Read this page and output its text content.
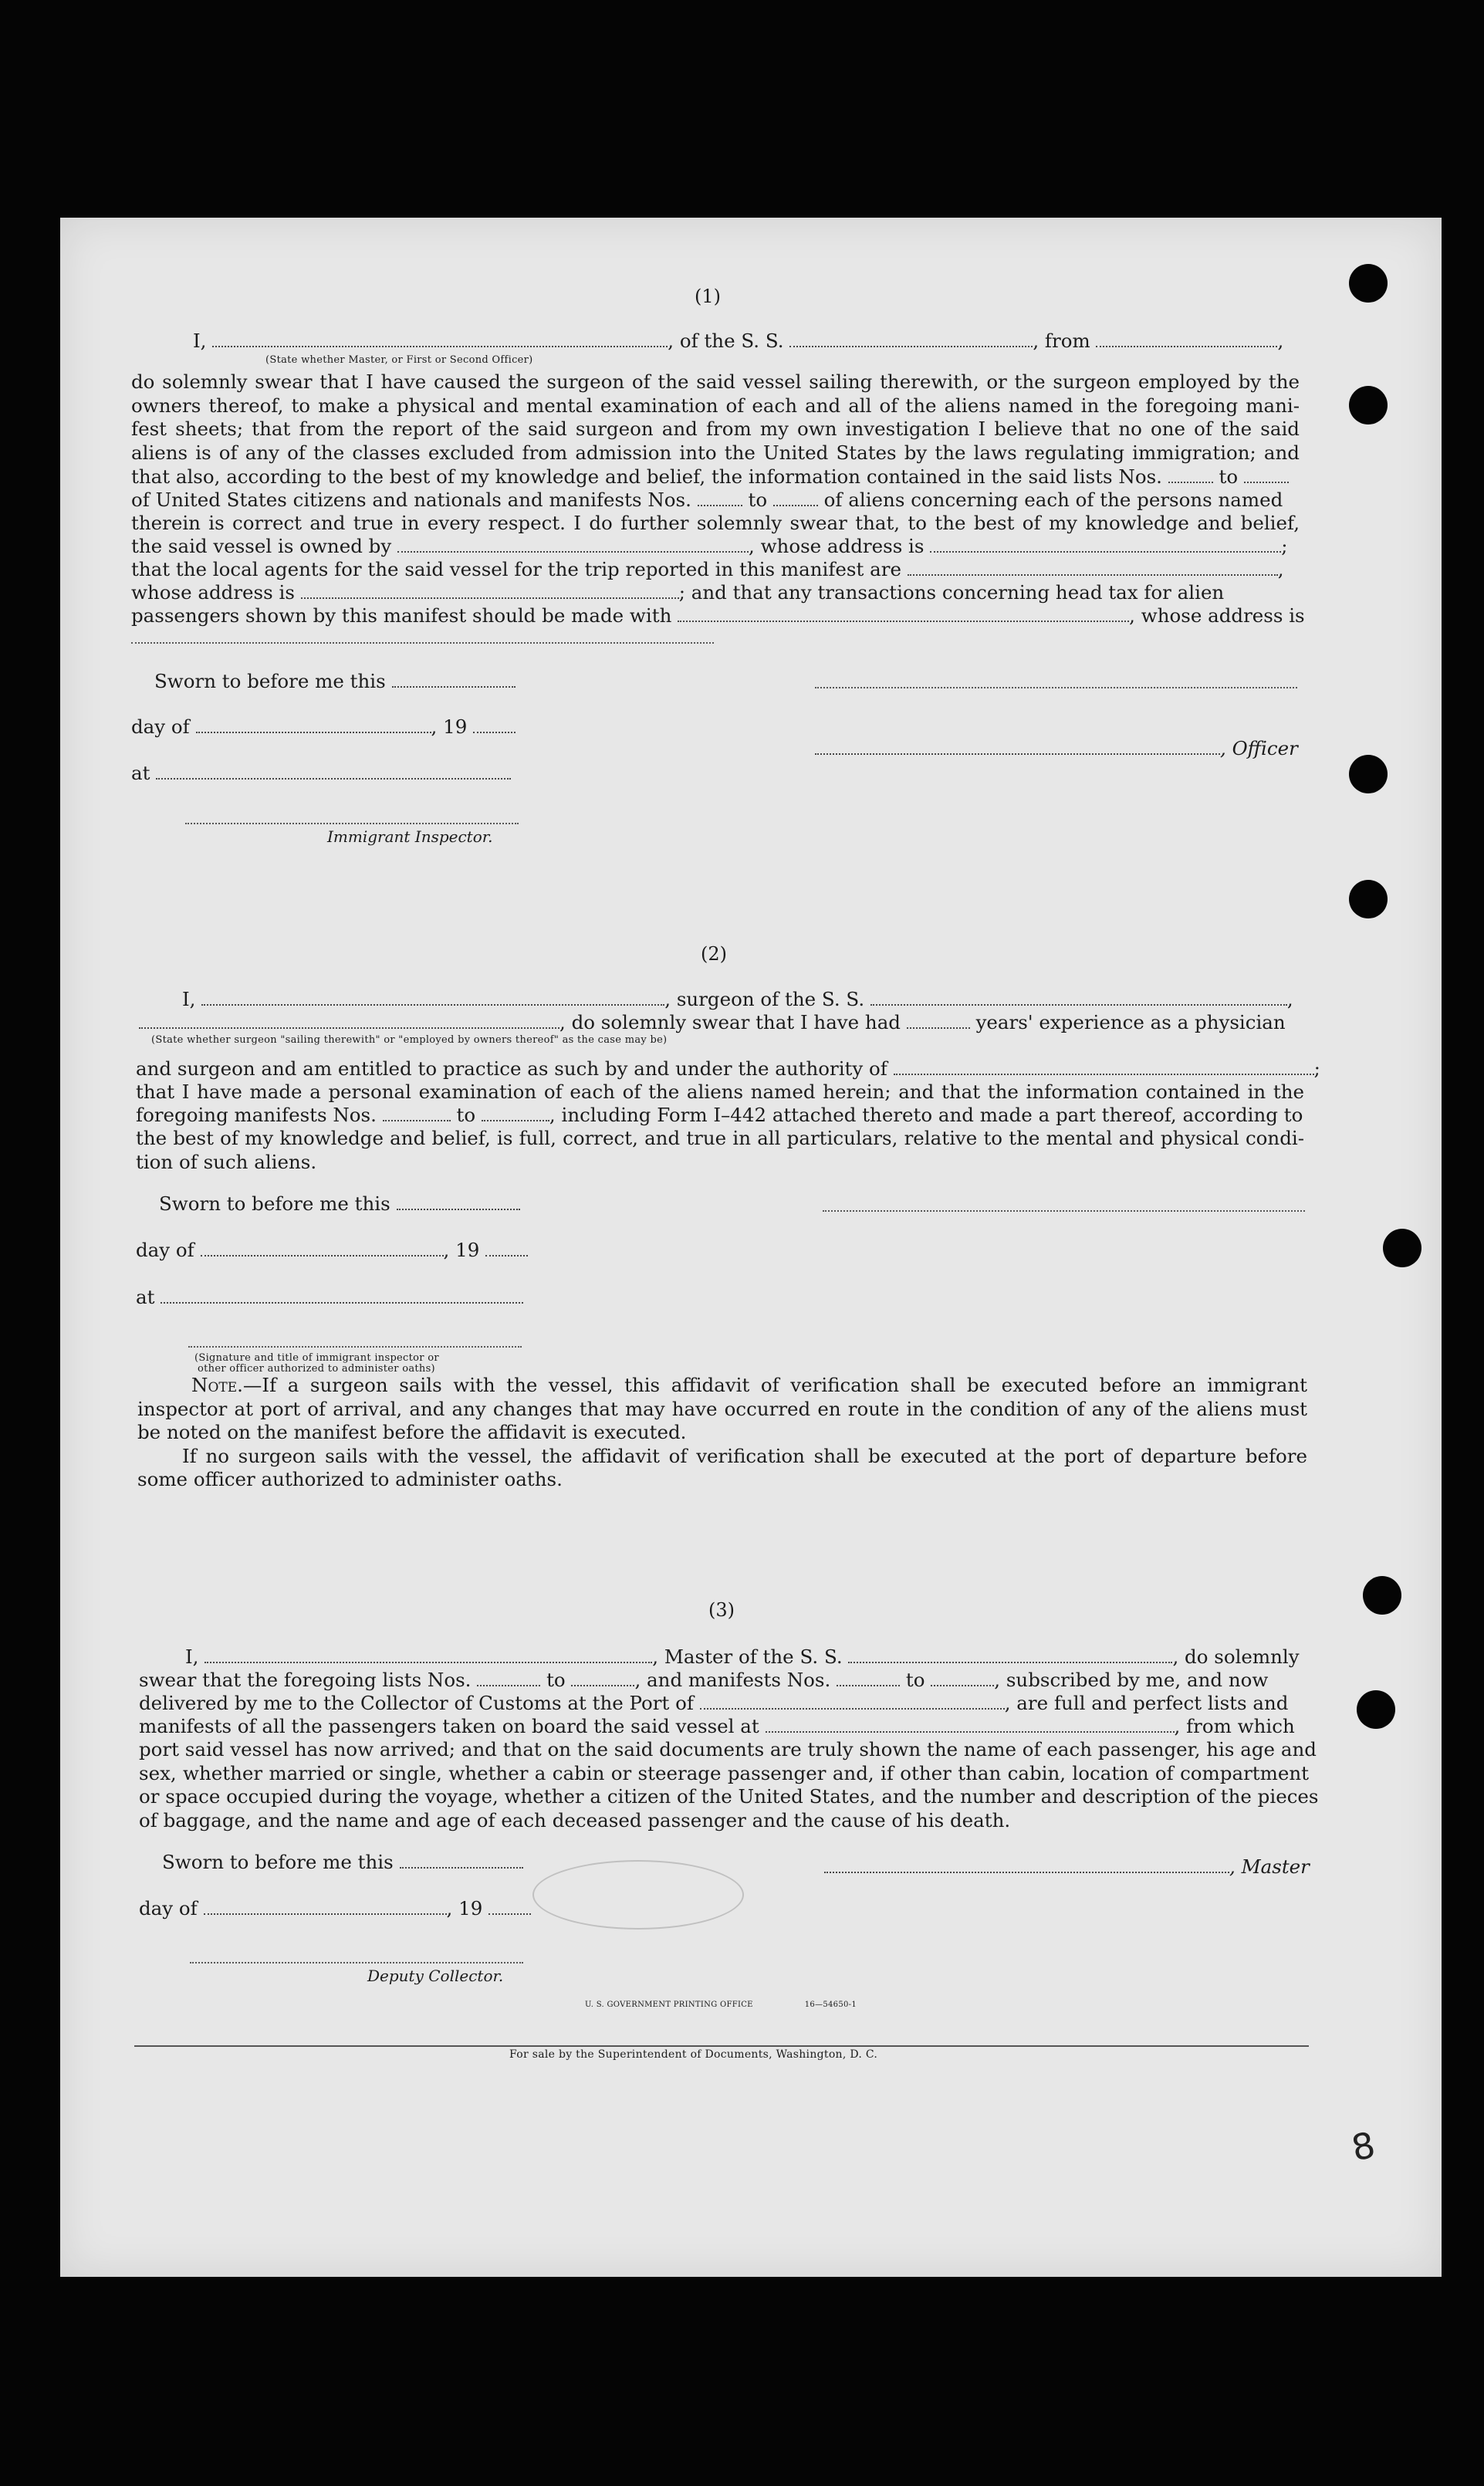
(1)
I,	, of the S. S.	, from	,
(State whether Master, or First or Second Officer)
do solemnly swear that I have caused the surgeon of the said vessel sailing therewith, or the surgeon employed by the
owners thereof, to make a physical and mental examination of each and all of the aliens named in the foregoing mani-
fest sheets; that from the report of the said surgeon and from my own investigation I believe that no one of the said
aliens is of any of the classes excluded from admission into the United States by the laws regulating immigration; and
that also, according to the best of my knowledge and belief, the information contained in the said lists Nos.	to
of United States citizens and nationals and manifests Nos.	to	of aliens concerning each of the persons named
therein is correct and true in every respect. I do further solemnly swear that, to the best of my knowledge and belief,
the said vessel is owned by	, whose address is	;
that the local agents for the said vessel for the trip reported in this manifest are	,
whose address is	; and that any transactions concerning head tax for alien
passengers shown by this manifest should be made with	, whose address is
Sworn to before me this
day of	, 19
, Officer
at
Immigrant Inspector.
(2)
I,	, surgeon of the S. S.	,
, do solemnly swear that I have had	years' experience as a physician
(State whether surgeon "sailing therewith" or "employed by owners thereof" as the case may be)
and surgeon and am entitled to practice as such by and under the authority of	;
that I have made a personal examination of each of the aliens named herein; and that the information contained in the
foregoing manifests Nos.	to	, including Form I–442 attached thereto and made a part thereof, according to
the best of my knowledge and belief, is full, correct, and true in all particulars, relative to the mental and physical condi-
tion of such aliens.
Sworn to before me this
day of	, 19
at
(Signature and title of immigrant inspector or
other officer authorized to administer oaths)
Note.—If a surgeon sails with the vessel, this affidavit of verification shall be executed before an immigrant
inspector at port of arrival, and any changes that may have occurred en route in the condition of any of the aliens must
be noted on the manifest before the affidavit is executed.
If no surgeon sails with the vessel, the affidavit of verification shall be executed at the port of departure before
some officer authorized to administer oaths.
(3)
I,	, Master of the S. S.	, do solemnly
swear that the foregoing lists Nos.	to	, and manifests Nos.	to	, subscribed by me, and now
delivered by me to the Collector of Customs at the Port of	, are full and perfect lists and
manifests of all the passengers taken on board the said vessel at	, from which
port said vessel has now arrived; and that on the said documents are truly shown the name of each passenger, his age and
sex, whether married or single, whether a cabin or steerage passenger and, if other than cabin, location of compartment
or space occupied during the voyage, whether a citizen of the United States, and the number and description of the pieces
of baggage, and the name and age of each deceased passenger and the cause of his death.
Sworn to before me this	, Master
day of	, 19
Deputy Collector.
U. S. GOVERNMENT PRINTING OFFICE	16—54650-1
For sale by the Superintendent of Documents, Washington, D. C.
8
